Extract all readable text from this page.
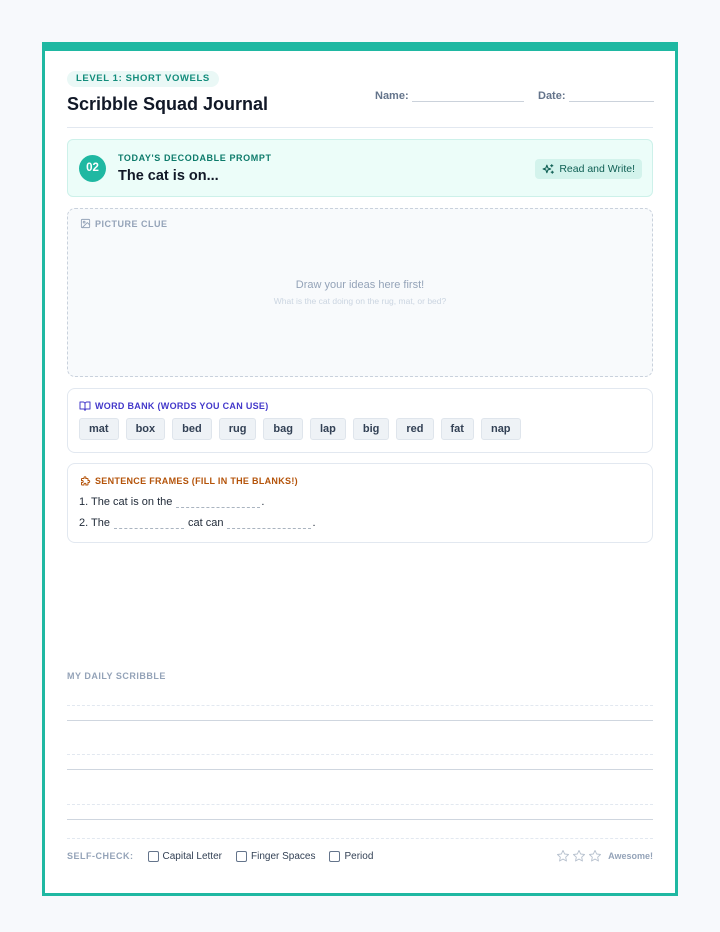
LEVEL 1: SHORT VOWELS
Scribble Squad Journal	Name:	Date:
02
TODAY'S DECODABLE PROMPT
The cat is on...	Read and Write!
PICTURE CLUE
Draw your ideas here first!
What is the cat doing on the rug, mat, or bed?
WORD BANK (WORDS YOU CAN USE)
mat	box	bed	rug	bag	lap	big	red	fat	nap
SENTENCE FRAMES (FILL IN THE BLANKS!)
1. The cat is on the	.
2. The	cat can	.
MY DAILY SCRIBBLE
SELF-CHECK:	Capital Letter	Finger Spaces	Period	Awesome!
